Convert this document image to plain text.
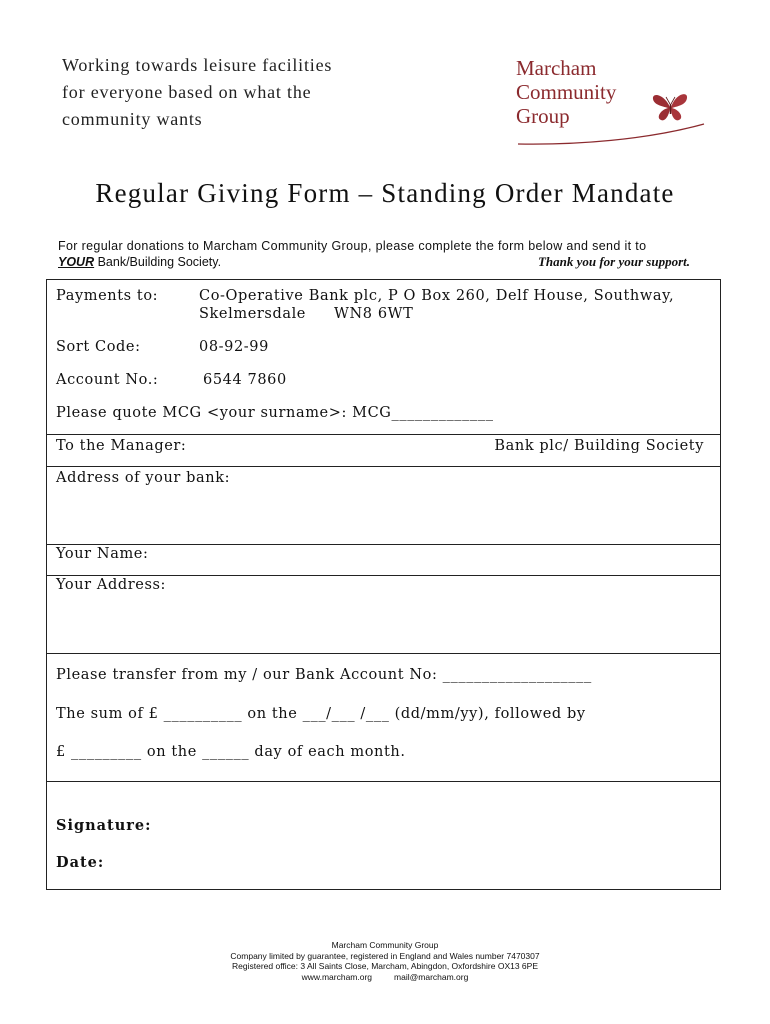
Working towards leisure facilities
for everyone based on what the
community wants
Marcham
Community
Group
Regular Giving Form – Standing Order Mandate
For regular donations to Marcham Community Group, please complete the form below and send it to
YOUR Bank/Building Society.	Thank you for your support.
Payments to:	Co-Operative Bank plc, P O Box 260, Delf House, Southway,
Skelmersdale WN8 6WT
Sort Code:	08-92-99
Account No.:	6544 7860
Please quote MCG <your surname>: MCG_____________
To the Manager:	Bank plc/ Building Society
Address of your bank:
Your Name:
Your Address:
Please transfer from my / our Bank Account No: ___________________
The sum of £ __________ on the ___/___ /___ (dd/mm/yy), followed by
£ _________ on the ______ day of each month.
Signature:
Date:
Marcham Community Group
Company limited by guarantee, registered in England and Wales number 7470307
Registered office: 3 All Saints Close, Marcham, Abingdon, Oxfordshire OX13 6PE
www.marcham.org	mail@marcham.org
